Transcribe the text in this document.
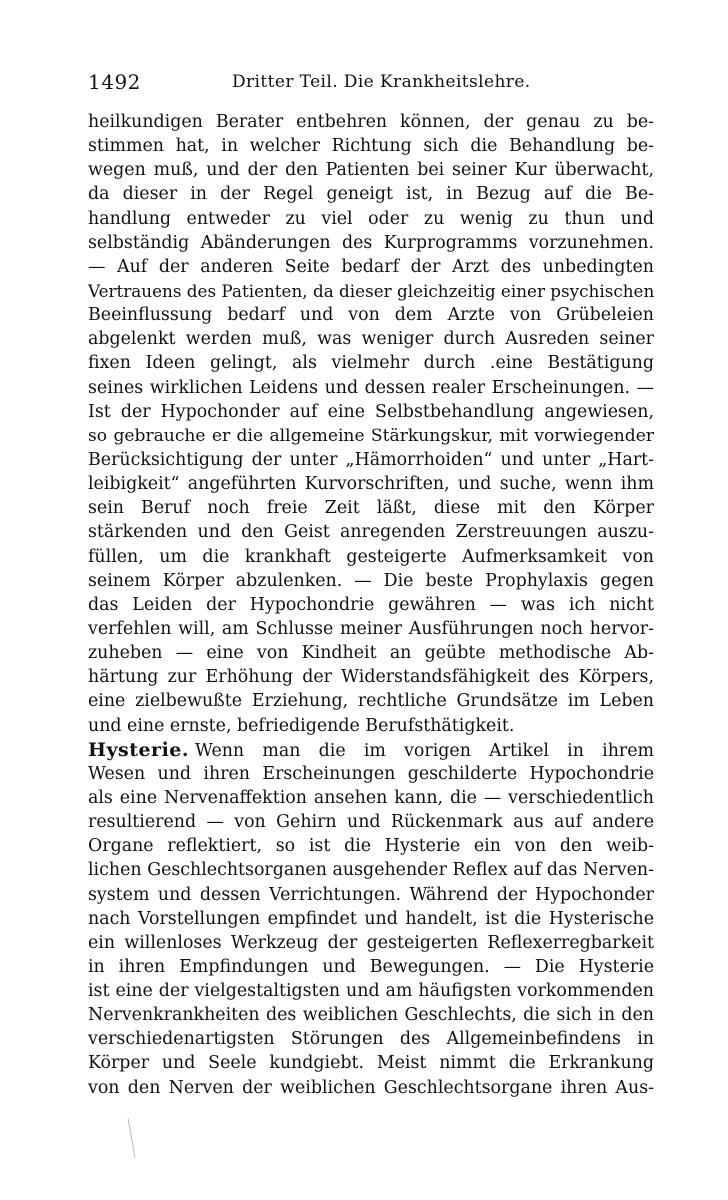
1492	Dritter Teil. Die Krankheitslehre.
heilkundigen Berater entbehren können, der genau zu be-
stimmen hat, in welcher Richtung sich die Behandlung be-
wegen muß, und der den Patienten bei seiner Kur überwacht,
da dieser in der Regel geneigt ist, in Bezug auf die Be-
handlung entweder zu viel oder zu wenig zu thun und
selbständig Abänderungen des Kurprogramms vorzunehmen.
— Auf der anderen Seite bedarf der Arzt des unbedingten
Vertrauens des Patienten, da dieser gleichzeitig einer psychischen
Beeinflussung bedarf und von dem Arzte von Grübeleien
abgelenkt werden muß, was weniger durch Ausreden seiner
fixen Ideen gelingt, als vielmehr durch .eine Bestätigung
seines wirklichen Leidens und dessen realer Erscheinungen. —
Ist der Hypochonder auf eine Selbstbehandlung angewiesen,
so gebrauche er die allgemeine Stärkungskur, mit vorwiegender
Berücksichtigung der unter „Hämorrhoiden“ und unter „Hart-
leibigkeit“ angeführten Kurvorschriften, und suche, wenn ihm
sein Beruf noch freie Zeit läßt, diese mit den Körper
stärkenden und den Geist anregenden Zerstreuungen auszu-
füllen, um die krankhaft gesteigerte Aufmerksamkeit von
seinem Körper abzulenken. — Die beste Prophylaxis gegen
das Leiden der Hypochondrie gewähren — was ich nicht
verfehlen will, am Schlusse meiner Ausführungen noch hervor-
zuheben — eine von Kindheit an geübte methodische Ab-
härtung zur Erhöhung der Widerstandsfähigkeit des Körpers,
eine zielbewußte Erziehung, rechtliche Grundsätze im Leben
und eine ernste, befriedigende Berufsthätigkeit.
Hysterie. Wenn man die im vorigen Artikel in ihrem
Wesen und ihren Erscheinungen geschilderte Hypochondrie
als eine Nervenaffektion ansehen kann, die — verschiedentlich
resultierend — von Gehirn und Rückenmark aus auf andere
Organe reflektiert, so ist die Hysterie ein von den weib-
lichen Geschlechtsorganen ausgehender Reflex auf das Nerven-
system und dessen Verrichtungen. Während der Hypochonder
nach Vorstellungen empfindet und handelt, ist die Hysterische
ein willenloses Werkzeug der gesteigerten Reflexerregbarkeit
in ihren Empfindungen und Bewegungen. — Die Hysterie
ist eine der vielgestaltigsten und am häufigsten vorkommenden
Nervenkrankheiten des weiblichen Geschlechts, die sich in den
verschiedenartigsten Störungen des Allgemeinbefindens in
Körper und Seele kundgiebt. Meist nimmt die Erkrankung
von den Nerven der weiblichen Geschlechtsorgane ihren Aus-
